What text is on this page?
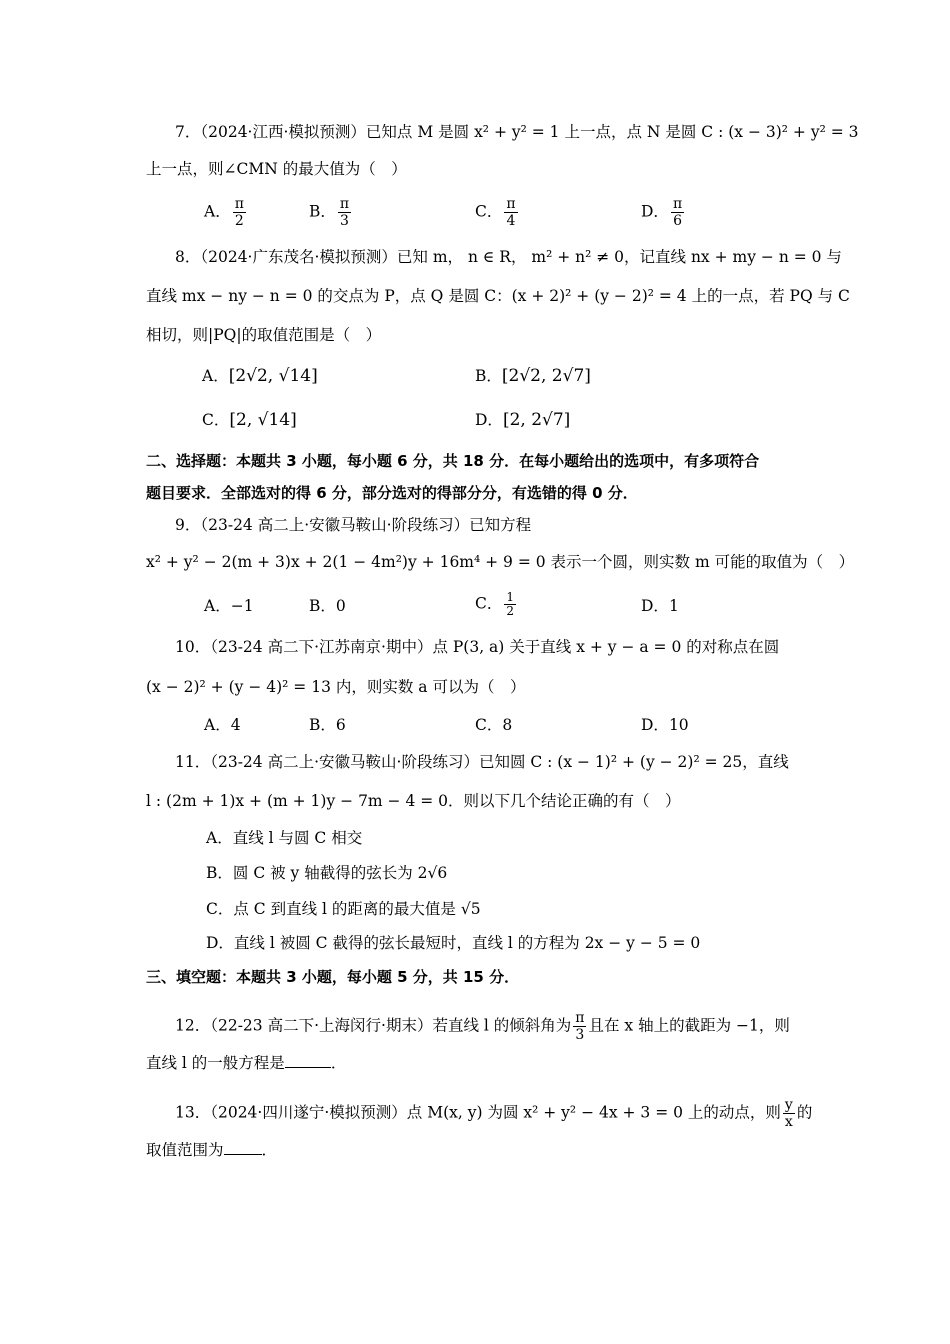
7．（2024·江西·模拟预测）已知点 M 是圆 x² + y² = 1 上一点，点 N 是圆 C : (x − 3)² + y² = 3
上一点，则∠CMN 的最大值为（　）
A． $\frac{\pi}{2}$	B． $\frac{\pi}{3}$	C． $\frac{\pi}{4}$	D． $\frac{\pi}{6}$
8．（2024·广东茂名·模拟预测）已知 m， n ∈ R， m² + n² ≠ 0，记直线 nx + my − n = 0 与
直线 mx − ny − n = 0 的交点为 P，点 Q 是圆 C：(x + 2)² + (y − 2)² = 4 上的一点，若 PQ 与 C
相切，则|PQ|的取值范围是（　）
A．[2√2, √14]	B．[2√2, 2√7]
C．[2, √14]	D．[2, 2√7]
二、选择题：本题共 3 小题，每小题 6 分，共 18 分．在每小题给出的选项中，有多项符合
题目要求．全部选对的得 6 分，部分选对的得部分分，有选错的得 0 分．
9．（23-24 高二上·安徽马鞍山·阶段练习）已知方程
x² + y² − 2(m + 3)x + 2(1 − 4m²)y + 16m⁴ + 9 = 0 表示一个圆，则实数 m 可能的取值为（　）
A．−1	B．0	C． $\frac{1}{2}$	D．1
10．（23-24 高二下·江苏南京·期中）点 P(3, a) 关于直线 x + y − a = 0 的对称点在圆
(x − 2)² + (y − 4)² = 13 内，则实数 a 可以为（　）
A．4	B．6	C．8	D．10
11．（23-24 高二上·安徽马鞍山·阶段练习）已知圆 C : (x − 1)² + (y − 2)² = 25，直线
l : (2m + 1)x + (m + 1)y − 7m − 4 = 0．则以下几个结论正确的有（　）
A．直线 l 与圆 C 相交
B．圆 C 被 y 轴截得的弦长为 2√6
C．点 C 到直线 l 的距离的最大值是 √5
D．直线 l 被圆 C 截得的弦长最短时，直线 l 的方程为 2x − y − 5 = 0
三、填空题：本题共 3 小题，每小题 5 分，共 15 分．
12．（22-23 高二下·上海闵行·期末）若直线 l 的倾斜角为 $\frac{\pi}{3}$ 且在 x 轴上的截距为 −1，则
直线 l 的一般方程是	．
13．（2024·四川遂宁·模拟预测）点 M(x, y) 为圆 x² + y² − 4x + 3 = 0 上的动点，则 $\frac{y}{x}$ 的
取值范围为 ．
